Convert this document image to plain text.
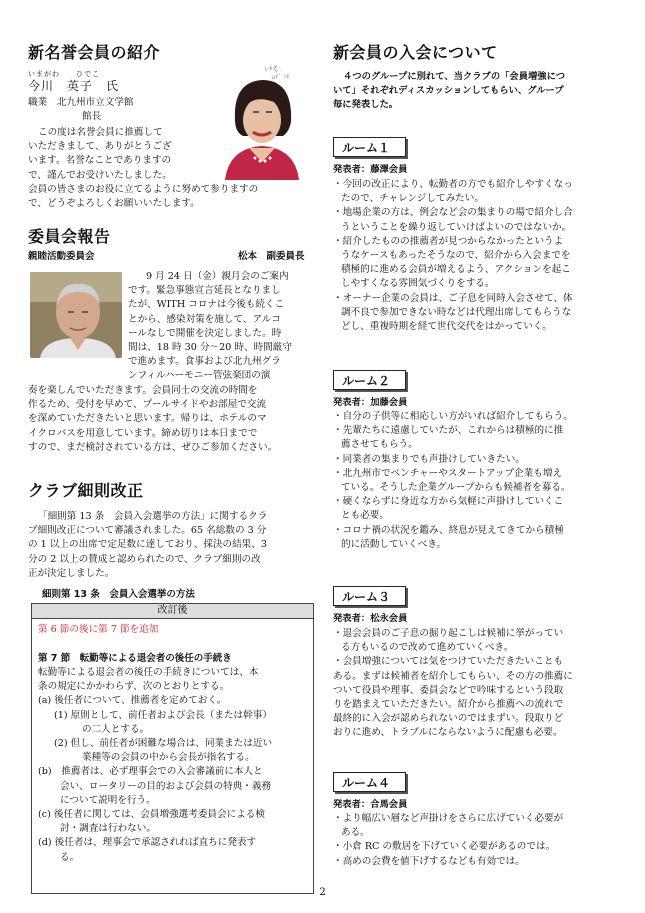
新名誉会員の紹介
いまがわ　　ひでこ
今川　英子　氏
職業　北九州市立文学館
館長
この度は名誉会員に推薦して
いただきまして、ありがとうござ
います。名誉なことでありますの
で、謹んでお受けいたしました。
会員の皆さまのお役に立てるように努めて参りますの
で、どうぞよろしくお願いいたします。
ι·ﾀ·ζ∴
∪ﾅﾞ ﾐﾓ
委員会報告
親睦活動委員会	松本　副委員長
9 月 24 日（金）親月会のご案内
です。緊急事態宣言延長となりまし
たが、WITH コロナは今後も続くこ
とから、感染対策を施して、アルコ
ールなしで開催を決定しました。時
間は、18 時 30 分～20 時、時間厳守
で進めます。食事および北九州グラ
ンフィルハーモニー管弦楽団の演
奏を楽しんでいただきます。会員同士の交流の時間を
作るため、受付を早めて、プールサイドやお部屋で交流
を深めていただきたいと思います。帰りは、ホテルのマ
イクロバスを用意しています。締め切りは本日までで
すので、まだ検討されている方は、ぜひご参加ください。
クラブ細則改正
「細則第 13 条　会員入会選挙の方法」に関するクラ
ブ細則改正について審議されました。65 名総数の 3 分
の 1 以上の出席で定足数に達しており、採決の結果、3
分の 2 以上の賛成と認められたので、クラブ細則の改
正が決定しました。
細則第 13 条　会員入会選挙の方法
改訂後
第 6 節の後に第 7 節を追加
第 7 節　転勤等による退会者の後任の手続き
転勤等による退会者の後任の手続きについては、本
条の規定にかかわらず、次のとおりとする。
(a) 後任者について、推薦者を定めておく。
(1) 原則として、前任者および会長（または幹事）
の二人とする。
(2) 但し、前任者が困難な場合は、同業または近い
業種等の会員の中から会長が指名する。
(b)　推薦者は、必ず理事会での入会審議前に本人と
会い、ロータリーの目的および会員の特典・義務
について説明を行う。
(c) 後任者に関しては、会員増強選考委員会による検
討・調査は行わない。
(d) 後任者は、理事会で承認されれば直ちに発表す
る。
新会員の入会について
４つのグループに別れて、当クラブの「会員増強につ
いて」それぞれディスカッションしてもらい、グループ
毎に発表した。
ルーム１
発表者：藤澤会員
・今回の改正により、転勤者の方でも紹介しやすくなっ
たので、チャレンジしてみたい。
・地場企業の方は、例会など会の集まりの場で紹介し合
うということを繰り返していけばよいのではないか。
・紹介したものの推薦者が見つからなかったというよ
うなケースもあったそうなので、紹介から入会までを
積極的に進める会員が増えるよう、アクションを起こ
しやすくなる雰囲気づくりをする。
・オーナー企業の会員は、ご子息を同時入会させて、体
調不良で参加できない時などは代理出席してもらうな
どし、重複時期を経て世代交代をはかっていく。
ルーム２
発表者：加藤会員
・自分の子供等に相応しい方がいれば紹介してもらう。
・先輩たちに遠慮していたが、これからは積極的に推
薦させてもらう。
・同業者の集まりでも声掛けしていきたい。
・北九州市でベンチャーやスタートアップ企業も増え
ている。そうした企業グループからも候補者を募る。
・硬くならずに身近な方から気軽に声掛けしていくこ
とも必要。
・コロナ禍の状況を鑑み、終息が見えてきてから積極
的に活動していくべき。
ルーム３
発表者：松永会員
・退会会員のご子息の掘り起こしは候補に挙がってい
る方もいるので改めて進めていくべき。
・会員増強については気をつけていただきたいことも
ある。まずは候補者を紹介してもらい、その方の推薦に
ついて役員や理事、委員会などで吟味するという段取
りを踏まえていただきたい。紹介から推薦への流れで
最終的に入会が認められないのではまずい。段取りど
おりに進め、トラブルにならないように配慮も必要。
ルーム４
発表者：合馬会員
・より幅広い層など声掛けをさらに広げていく必要が
ある。
・小倉 RC の敷居を下げていく必要があるのでは。
・高めの会費を値下げするなども有効では。
2
